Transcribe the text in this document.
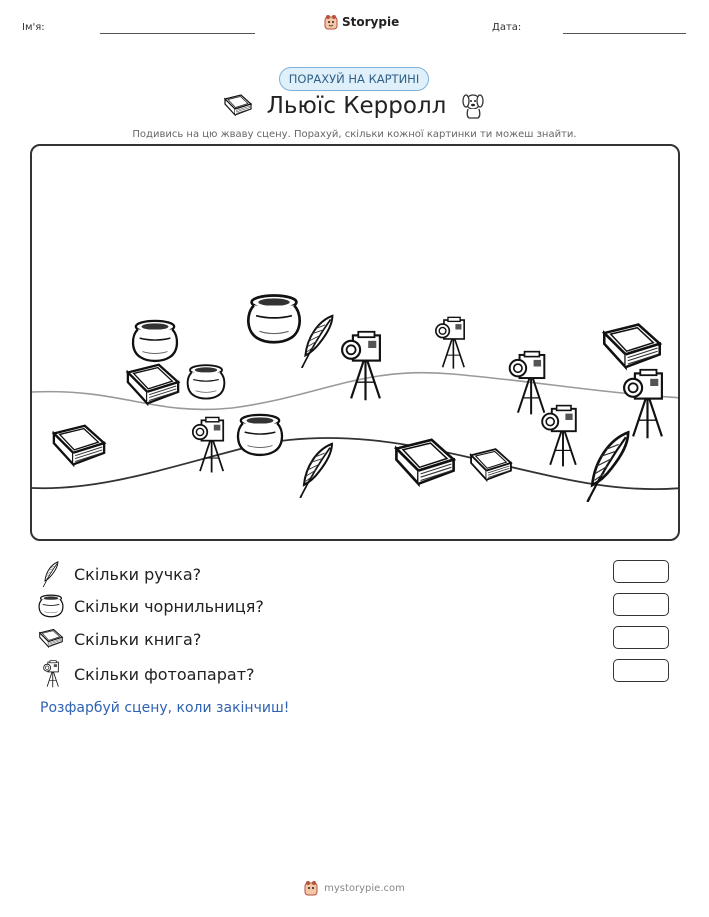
Ім'я:	Storypie	Дата:
ПОРАХУЙ НА КАРТИНІ
Льюїс Керролл
Подивись на цю жваву сцену. Порахуй, скільки кожної картинки ти можеш знайти.
Скільки ручка?
Скільки чорнильниця?
Скільки книга?
Скільки фотоапарат?
Розфарбуй сцену, коли закінчиш!
mystorypie.com
